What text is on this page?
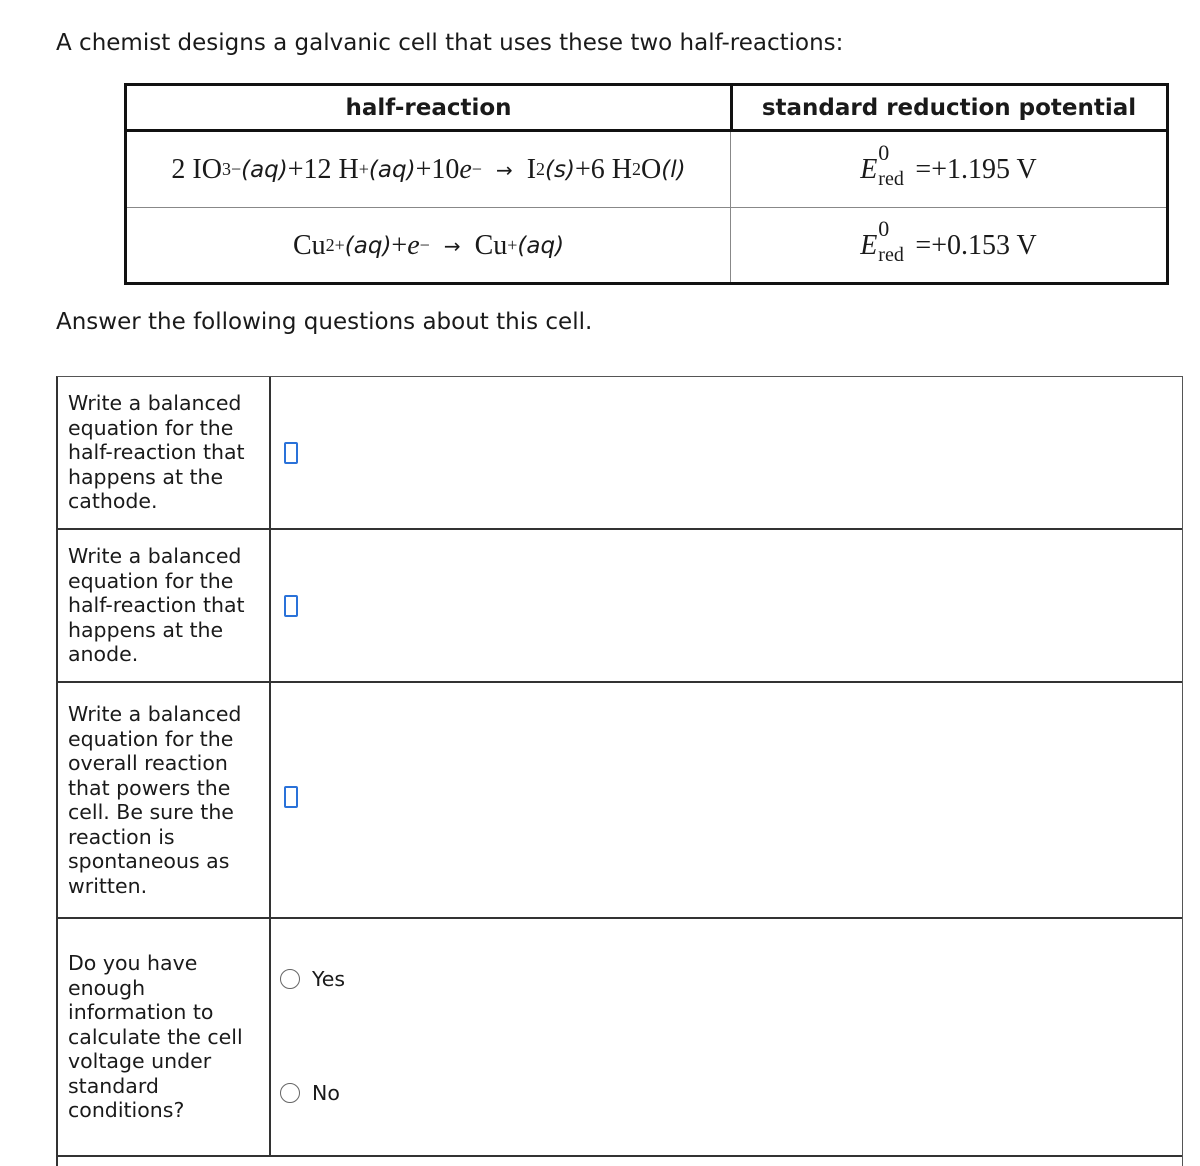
A chemist designs a galvanic cell that uses these two half-reactions:
half-reaction	standard reduction potential
2 IO 3 − (aq) +12 H + (aq) +10 e − → I 2 (s) +6 H 2 O (l)	E
0
red =+1.195 V
Cu 2+ (aq) + e − → Cu + (aq)	E
0
red =+0.153 V
Answer the following questions about this cell.
Write a balanced equation for the half-reaction that happens at the cathode.
Write a balanced equation for the half-reaction that happens at the anode.
Write a balanced equation for the overall reaction that powers the cell. Be sure the reaction is spontaneous as written.
Do you have enough information to calculate the cell voltage under standard conditions?
Yes
No
